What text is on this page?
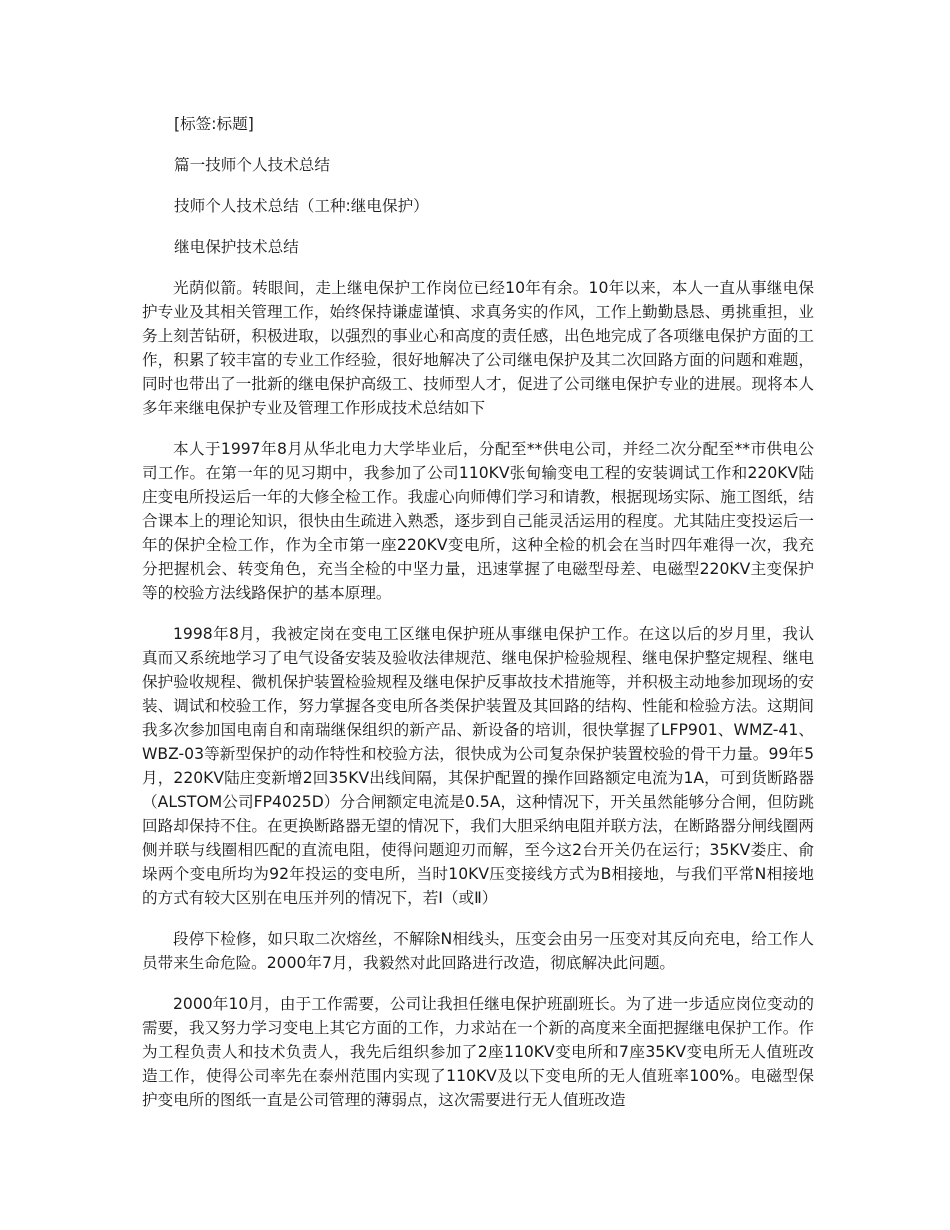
[标签:标题]
篇一技师个人技术总结
技师个人技术总结（工种:继电保护）
继电保护技术总结

光荫似箭。转眼间，走上继电保护工作岗位已经10年有余。10年以来，本人一直从事继电保护专业及其相关管理工作，始终保持谦虚谨慎、求真务实的作风，工作上勤勤恳恳、勇挑重担，业务上刻苦钻研，积极进取，以强烈的事业心和高度的责任感，出色地完成了各项继电保护方面的工作，积累了较丰富的专业工作经验，很好地解决了公司继电保护及其二次回路方面的问题和难题，同时也带出了一批新的继电保护高级工、技师型人才，促进了公司继电保护专业的进展。现将本人多年来继电保护专业及管理工作形成技术总结如下

本人于1997年8月从华北电力大学毕业后，分配至**供电公司，并经二次分配至**市供电公司工作。在第一年的见习期中，我参加了公司110KV张甸输变电工程的安装调试工作和220KV陆庄变电所投运后一年的大修全检工作。我虚心向师傅们学习和请教，根据现场实际、施工图纸，结合课本上的理论知识，很快由生疏进入熟悉，逐步到自己能灵活运用的程度。尤其陆庄变投运后一年的保护全检工作，作为全市第一座220KV变电所，这种全检的机会在当时四年难得一次，我充分把握机会、转变角色，充当全检的中坚力量，迅速掌握了电磁型母差、电磁型220KV主变保护等的校验方法线路保护的基本原理。

1998年8月，我被定岗在变电工区继电保护班从事继电保护工作。在这以后的岁月里，我认真而又系统地学习了电气设备安装及验收法律规范、继电保护检验规程、继电保护整定规程、继电保护验收规程、微机保护装置检验规程及继电保护反事故技术措施等，并积极主动地参加现场的安装、调试和校验工作，努力掌握各变电所各类保护装置及其回路的结构、性能和检验方法。这期间我多次参加国电南自和南瑞继保组织的新产品、新设备的培训，很快掌握了LFP901、WMZ-41、WBZ-03等新型保护的动作特性和校验方法，很快成为公司复杂保护装置校验的骨干力量。99年5月，220KV陆庄变新增2回35KV出线间隔，其保护配置的操作回路额定电流为1A，可到货断路器（ALSTOM公司FP4025D）分合闸额定电流是0.5A，这种情况下，开关虽然能够分合闸，但防跳回路却保持不住。在更换断路器无望的情况下，我们大胆采纳电阻并联方法，在断路器分闸线圈两侧并联与线圈相匹配的直流电阻，使得问题迎刃而解，至今这2台开关仍在运行；35KV娄庄、俞垛两个变电所均为92年投运的变电所，当时10KV压变接线方式为B相接地，与我们平常N相接地的方式有较大区别在电压并列的情况下，若Ⅰ（或Ⅱ）

段停下检修，如只取二次熔丝，不解除N相线头，压变会由另一压变对其反向充电，给工作人员带来生命危险。2000年7月，我毅然对此回路进行改造，彻底解决此问题。

2000年10月，由于工作需要，公司让我担任继电保护班副班长。为了进一步适应岗位变动的需要，我又努力学习变电上其它方面的工作，力求站在一个新的高度来全面把握继电保护工作。作为工程负责人和技术负责人，我先后组织参加了2座110KV变电所和7座35KV变电所无人值班改造工作，使得公司率先在泰州范围内实现了110KV及以下变电所的无人值班率100%。电磁型保护变电所的图纸一直是公司管理的薄弱点，这次需要进行无人值班改造
